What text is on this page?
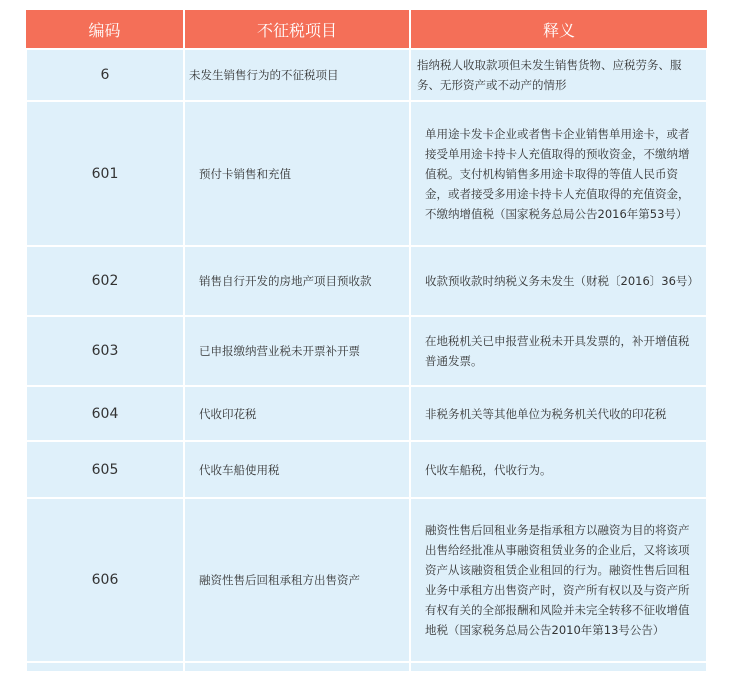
编码	不征税项目	释义
6	未发生销售行为的不征税项目	指纳税人收取款项但未发生销售货物、应税劳务、服务、无形资产或不动产的情形
601	预付卡销售和充值	单用途卡发卡企业或者售卡企业销售单用途卡，或者接受单用途卡持卡人充值取得的预收资金，不缴纳增值税。支付机构销售多用途卡取得的等值人民币资金，或者接受多用途卡持卡人充值取得的充值资金，不缴纳增值税（国家税务总局公告2016年第53号）
602	销售自行开发的房地产项目预收款	收款预收款时纳税义务未发生（财税〔2016〕36号）
603	已申报缴纳营业税未开票补开票	在地税机关已申报营业税未开具发票的，补开增值税普通发票。
604	代收印花税	非税务机关等其他单位为税务机关代收的印花税
605	代收车船使用税	代收车船税，代收行为。
606	融资性售后回租承租方出售资产	融资性售后回租业务是指承租方以融资为目的将资产出售给经批准从事融资租赁业务的企业后，又将该项资产从该融资租赁企业租回的行为。融资性售后回租业务中承租方出售资产时，资产所有权以及与资产所有权有关的全部报酬和风险并未完全转移不征收增值地税（国家税务总局公告2010年第13号公告）
